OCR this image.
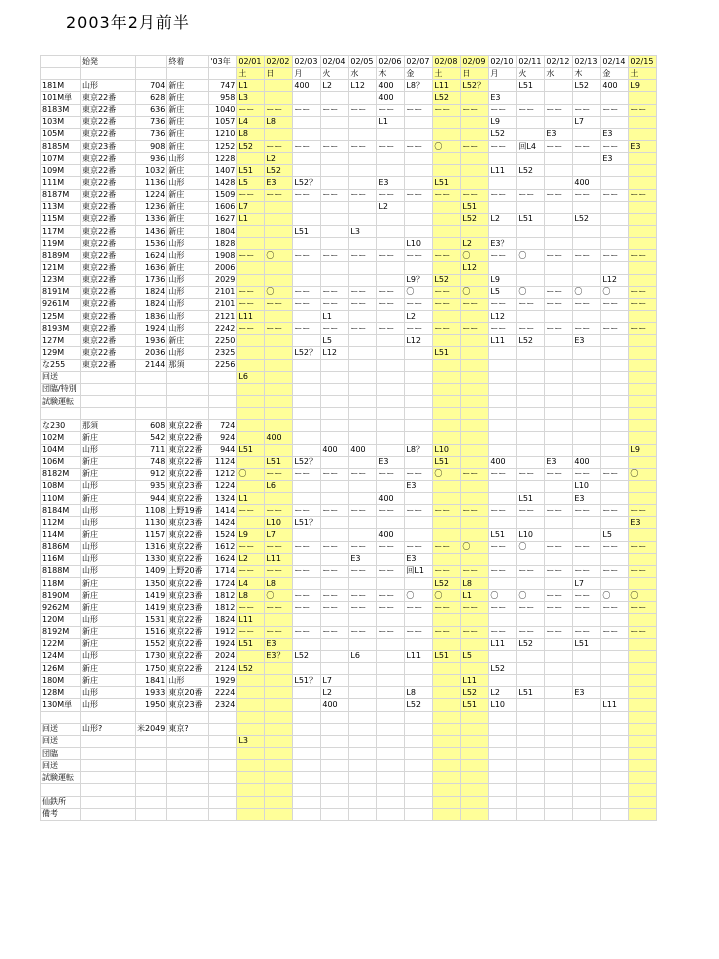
2003年2月前半
	始発		終着	'03年	02/01	02/02	02/03	02/04	02/05	02/06	02/07	02/08	02/09	02/10	02/11	02/12	02/13	02/14	02/15
					土	日	月	火	水	木	金	土	日	月	火	水	木	金	土
181M	山形	704	新庄	747	L1		400	L2	L12	400	L8？	L11	L52？		L51		L52	400	L9
101M単	東京22番	628	新庄	958	L3					400		L52		E3					
8183M	東京22番	636	新庄	1040	ーー	ーー	ーー	ーー	ーー	ーー	ーー	ーー	ーー	ーー	ーー	ーー	ーー	ーー	ーー
103M	東京22番	736	新庄	1057	L4	L8				L1				L9			L7		
105M	東京22番	736	新庄	1210	L8									L52		E3		E3	
8185M	東京23番	908	新庄	1252	L52	ーー	ーー	ーー	ーー	ーー	ーー	〇	ーー	ーー	回L4	ーー	ーー	ーー	E3
107M	東京22番	936	山形	1228		L2												E3	
109M	東京22番	1032	新庄	1407	L51	L52								L11	L52				
111M	東京22番	1136	山形	1428	L5	E3	L52？			E3		L51					400		
8187M	東京22番	1224	新庄	1509	ーー	ーー	ーー	ーー	ーー	ーー	ーー	ーー	ーー	ーー	ーー	ーー	ーー	ーー	ーー
113M	東京22番	1236	新庄	1606	L7					L2			L51						
115M	東京22番	1336	新庄	1627	L1								L52	L2	L51		L52		
117M	東京22番	1436	新庄	1804			L51		L3										
119M	東京22番	1536	山形	1828							L10		L2	E3？					
8189M	東京22番	1624	山形	1908	ーー	〇	ーー	ーー	ーー	ーー	ーー	ーー	〇	ーー	〇	ーー	ーー	ーー	ーー
121M	東京22番	1636	新庄	2006									L12						
123M	東京22番	1736	山形	2029							L9？	L52		L9				L12	
8191M	東京22番	1824	山形	2101	ーー	〇	ーー	ーー	ーー	ーー	〇	ーー	〇	L5	〇	ーー	〇	〇	ーー
9261M	東京22番	1824	山形	2101	ーー	ーー	ーー	ーー	ーー	ーー	ーー	ーー	ーー	ーー	ーー	ーー	ーー	ーー	ーー
125M	東京22番	1836	山形	2121	L11			L1			L2			L12					
8193M	東京22番	1924	山形	2242	ーー	ーー	ーー	ーー	ーー	ーー	ーー	ーー	ーー	ーー	ーー	ーー	ーー	ーー	ーー
127M	東京22番	1936	新庄	2250				L5			L12			L11	L52		E3		
129M	東京22番	2036	山形	2325			L52？	L12				L51							
な255	東京22番	2144	那須	2256															
回送					L6														
団臨/特別																			
試験運転																			

な230	那須	608	東京22番	724															
102M	新庄	542	東京22番	924		400													
104M	山形	711	東京22番	944	L51			400	400		L8？	L10							L9
106M	新庄	748	東京22番	1124		L51	L52？			E3		L51		400		E3	400		
8182M	新庄	912	東京22番	1212	〇	ーー	ーー	ーー	ーー	ーー	ーー	〇	ーー	ーー	ーー	ーー	ーー	ーー	〇
108M	山形	935	東京23番	1224		L6					E3						L10		
110M	新庄	944	東京22番	1324	L1					400					L51		E3		
8184M	山形	1108	上野19番	1414	ーー	ーー	ーー	ーー	ーー	ーー	ーー	ーー	ーー	ーー	ーー	ーー	ーー	ーー	ーー
112M	山形	1130	東京23番	1424		L10	L51？												E3
114M	新庄	1157	東京22番	1524	L9	L7				400				L51	L10			L5	
8186M	山形	1316	東京22番	1612	ーー	ーー	ーー	ーー	ーー	ーー	ーー	ーー	〇	ーー	〇	ーー	ーー	ーー	ーー
116M	山形	1330	東京22番	1624	L2	L11			E3		E3								
8188M	山形	1409	上野20番	1714	ーー	ーー	ーー	ーー	ーー	ーー	回L1	ーー	ーー	ーー	ーー	ーー	ーー	ーー	ーー
118M	新庄	1350	東京22番	1724	L4	L8						L52	L8				L7		
8190M	新庄	1419	東京23番	1812	L8	〇	ーー	ーー	ーー	ーー	〇	〇	L1	〇	〇	ーー	ーー	〇	〇
9262M	新庄	1419	東京23番	1812	ーー	ーー	ーー	ーー	ーー	ーー	ーー	ーー	ーー	ーー	ーー	ーー	ーー	ーー	ーー
120M	山形	1531	東京22番	1824	L11														
8192M	新庄	1516	東京22番	1912	ーー	ーー	ーー	ーー	ーー	ーー	ーー	ーー	ーー	ーー	ーー	ーー	ーー	ーー	ーー
122M	新庄	1552	東京22番	1924	L51	E3								L11	L52		L51		
124M	山形	1730	東京22番	2024		E3？	L52		L6		L11	L51	L5						
126M	新庄	1750	東京22番	2124	L52									L52					
180M	新庄	1841	山形	1929			L51？	L7					L11						
128M	山形	1933	東京20番	2224				L2			L8		L52	L2	L51		E3		
130M単	山形	1950	東京23番	2324				400			L52		L51	L10				L11	

回送	山形?	米2049	東京?																
回送					L3														
団臨																			
回送																			
試験運転																			

仙鉄所																			
備考																			
